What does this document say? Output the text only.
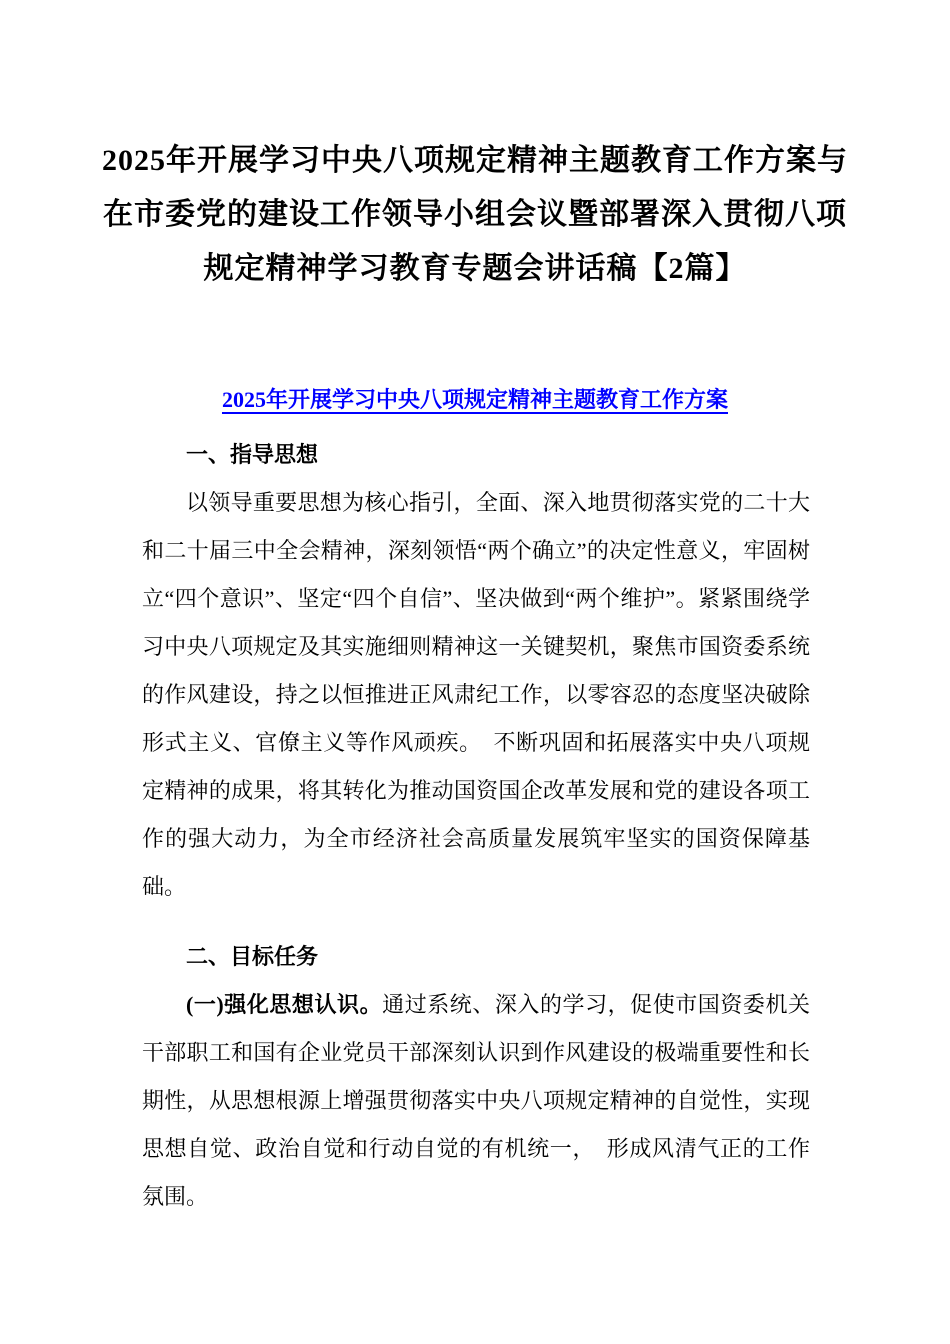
2025年开展学习中央八项规定精神主题教育工作方案与在市委党的建设工作领导小组会议暨部署深入贯彻八项规定精神学习教育专题会讲话稿【2篇】

2025年开展学习中央八项规定精神主题教育工作方案

一、指导思想

以领导重要思想为核心指引，全面、深入地贯彻落实党的二十大和二十届三中全会精神，深刻领悟“两个确立”的决定性意义，牢固树立“四个意识”、坚定“四个自信”、坚决做到“两个维护”。紧紧围绕学习中央八项规定及其实施细则精神这一关键契机，聚焦市国资委系统的作风建设，持之以恒推进正风肃纪工作，以零容忍的态度坚决破除形式主义、官僚主义等作风顽疾。　不断巩固和拓展落实中央八项规定精神的成果，将其转化为推动国资国企改革发展和党的建设各项工作的强大动力，为全市经济社会高质量发展筑牢坚实的国资保障基础。

二、目标任务

(一)强化思想认识。通过系统、深入的学习，促使市国资委机关干部职工和国有企业党员干部深刻认识到作风建设的极端重要性和长期性，从思想根源上增强贯彻落实中央八项规定精神的自觉性，实现思想自觉、政治自觉和行动自觉的有机统一，　形成风清气正的工作氛围。
